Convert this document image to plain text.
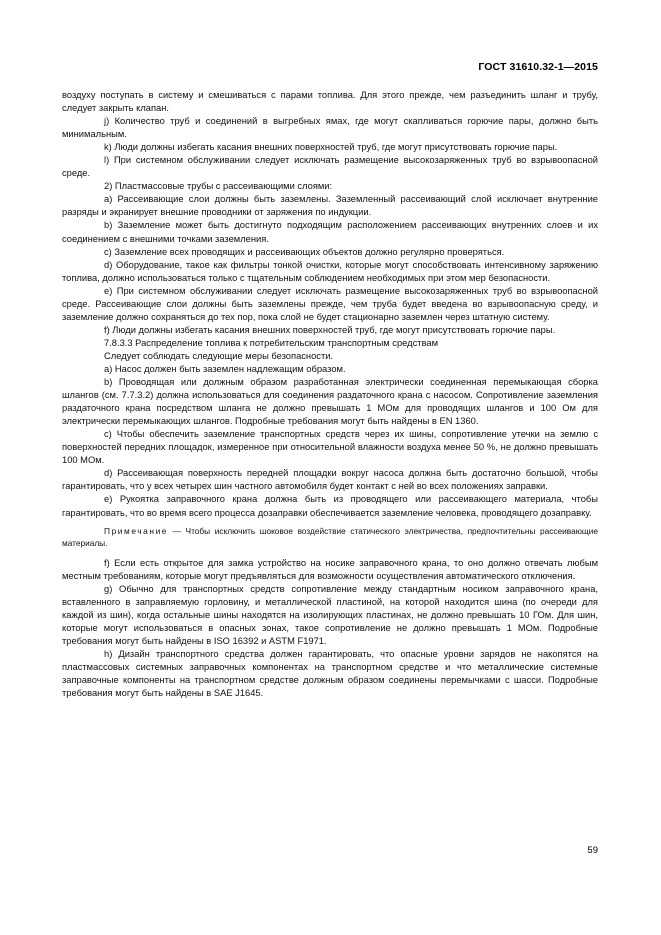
ГОСТ 31610.32-1—2015

воздуху поступать в систему и смешиваться с парами топлива. Для этого прежде, чем разъединить шланг и трубу, следует закрыть клапан.

j) Количество труб и соединений в выгребных ямах, где могут скапливаться горючие пары, должно быть минимальным.

k) Люди должны избегать касания внешних поверхностей труб, где могут присутствовать горючие пары.

l) При системном обслуживании следует исключать размещение высокозаряженных труб во взрывоопасной среде.

2) Пластмассовые трубы с рассеивающими слоями:

a) Рассеивающие слои должны быть заземлены. Заземленный рассеивающий слой исключает внутренние разряды и экранирует внешние проводники от заряжения по индукции.

b) Заземление может быть достигнуто подходящим расположением рассеивающих внутренних слоев и их соединением с внешними точками заземления.

c) Заземление всех проводящих и рассеивающих объектов должно регулярно проверяться.

d) Оборудование, такое как фильтры тонкой очистки, которые могут способствовать интенсивному заряжению топлива, должно использоваться только с тщательным соблюдением необходимых при этом мер безопасности.

e) При системном обслуживании следует исключать размещение высокозаряженных труб во взрывоопасной среде. Рассеивающие слои должны быть заземлены прежде, чем труба будет введена во взрывоопасную среду, и заземление должно сохраняться до тех пор, пока слой не будет стационарно заземлен через штатную систему.

f) Люди должны избегать касания внешних поверхностей труб, где могут присутствовать горючие пары.

7.8.3.3 Распределение топлива к потребительским транспортным средствам

Следует соблюдать следующие меры безопасности.

a) Насос должен быть заземлен надлежащим образом.

b) Проводящая или должным образом разработанная электрически соединенная перемыкающая сборка шлангов (см. 7.7.3.2) должна использоваться для соединения раздаточного крана с насосом. Сопротивление заземления раздаточного крана посредством шланга не должно превышать 1 МОм для проводящих шлангов и 100 Ом для электрически перемыкающих шлангов. Подробные требования могут быть найдены в EN 1360.

c) Чтобы обеспечить заземление транспортных средств через их шины, сопротивление утечки на землю с поверхностей передних площадок, измеренное при относительной влажности воздуха менее 50 %, не должно превышать 100 МОм.

d) Рассеивающая поверхность передней площадки вокруг насоса должна быть достаточно большой, чтобы гарантировать, что у всех четырех шин частного автомобиля будет контакт с ней во всех положениях заправки.

e) Рукоятка заправочного крана должна быть из проводящего или рассеивающего материала, чтобы гарантировать, что во время всего процесса дозаправки обеспечивается заземление человека, проводящего дозаправку.

Примечание — Чтобы исключить шоковое воздействие статического электричества, предпочтительны рассеивающие материалы.

f) Если есть открытое для замка устройство на носике заправочного крана, то оно должно отвечать любым местным требованиям, которые могут предъявляться для возможности осуществления автоматического отключения.

g) Обычно для транспортных средств сопротивление между стандартным носиком заправочного крана, вставленного в заправляемую горловину, и металлической пластиной, на которой находится шина (по очереди для каждой из шин), когда остальные шины находятся на изолирующих пластинах, не должно превышать 10 ГОм. Для шин, которые могут использоваться в опасных зонах, такое сопротивление не должно превышать 1 МОм. Подробные требования могут быть найдены в ISO 16392 и ASTM F1971.

h) Дизайн транспортного средства должен гарантировать, что опасные уровни зарядов не накопятся на пластмассовых системных заправочных компонентах на транспортном средстве и что металлические системные заправочные компоненты на транспортном средстве должным образом соединены перемычками с шасси. Подробные требования могут быть найдены в SAE J1645.

59
